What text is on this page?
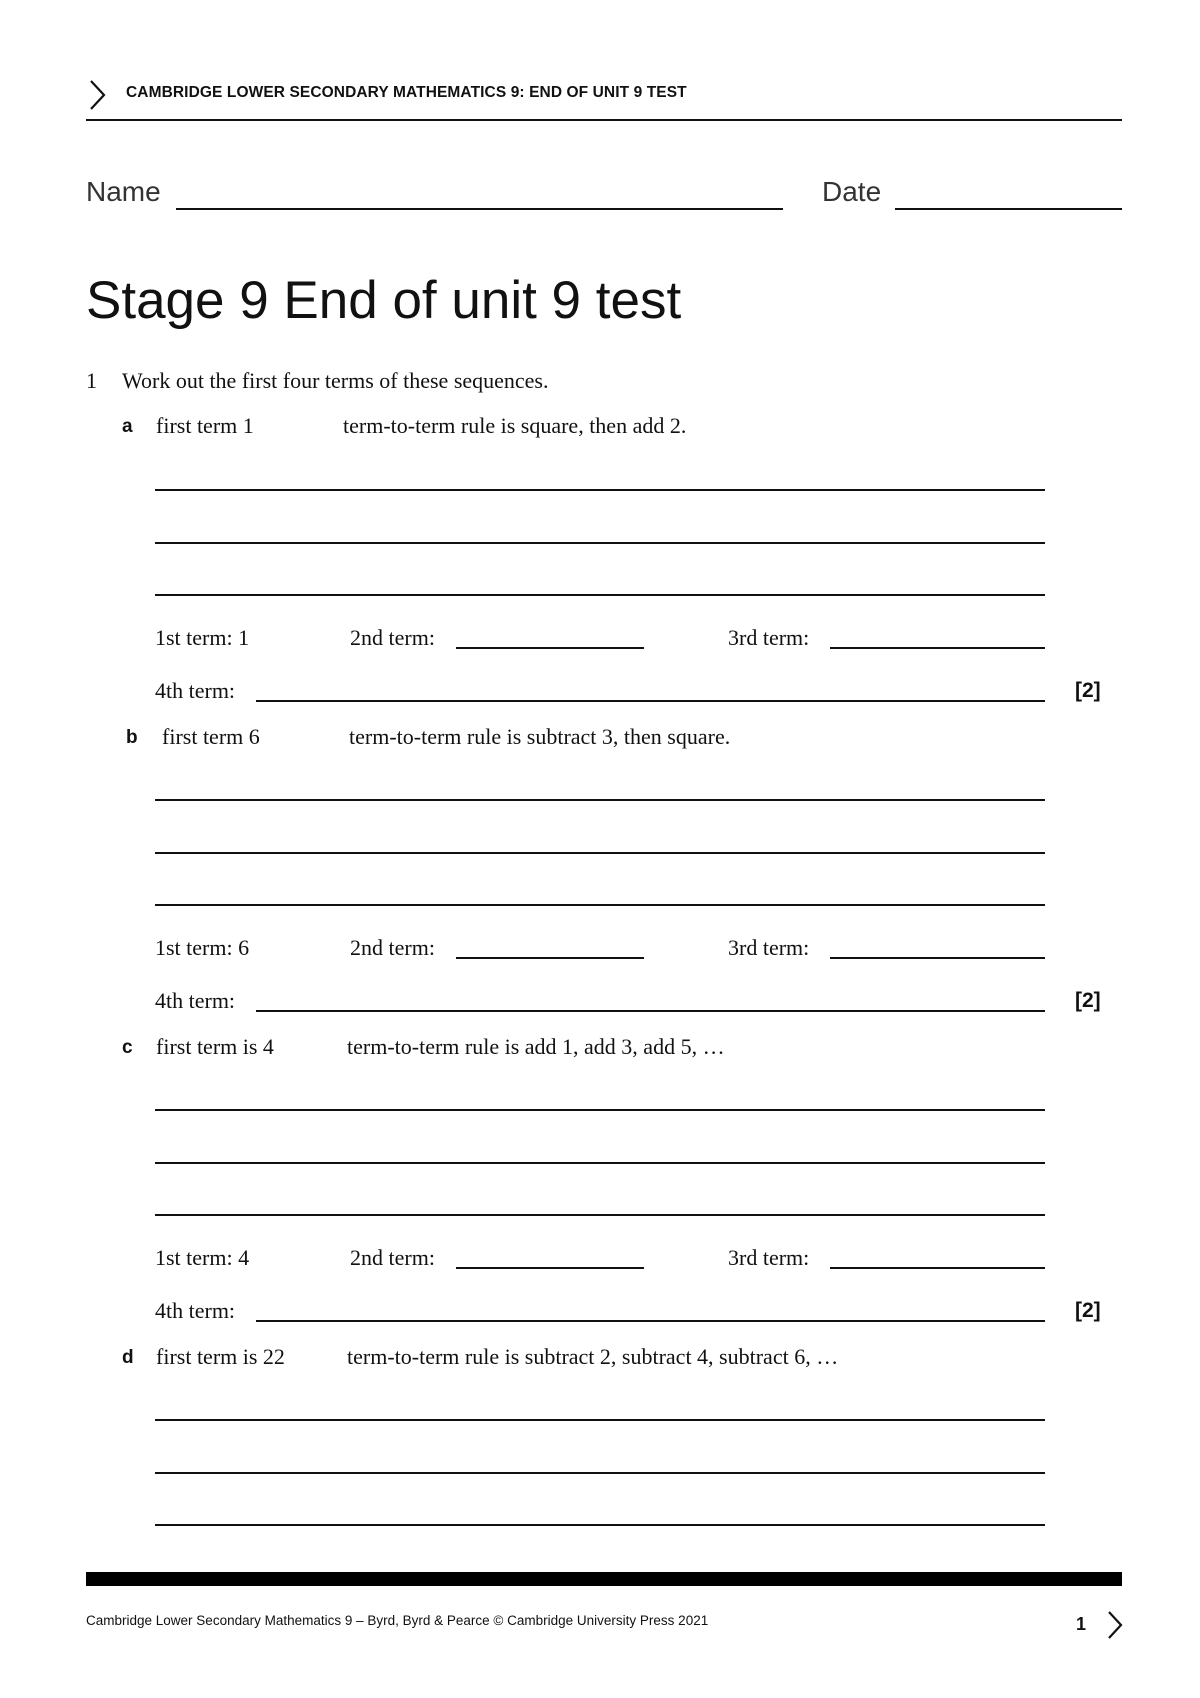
CAMBRIDGE LOWER SECONDARY MATHEMATICS 9: END OF UNIT 9 TEST
Name	Date
Stage 9 End of unit 9 test
1 Work out the first four terms of these sequences.
a first term 1	term-to-term rule is square, then add 2.
1st term: 1	2nd term:	3rd term:
4th term:	[2]
b first term 6	term-to-term rule is subtract 3, then square.
1st term: 6	2nd term:	3rd term:
4th term:	[2]
c first term is 4	term-to-term rule is add 1, add 3, add 5, …
1st term: 4	2nd term:	3rd term:
4th term:	[2]
d first term is 22	term-to-term rule is subtract 2, subtract 4, subtract 6, …
Cambridge Lower Secondary Mathematics 9 – Byrd, Byrd & Pearce © Cambridge University Press 2021	1
